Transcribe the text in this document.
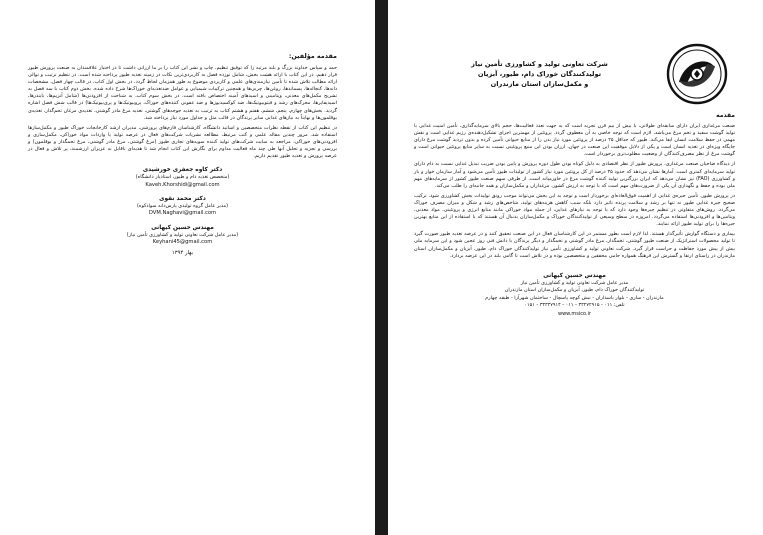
مقدمه مؤلفین:

حمد و سپاس خداوند بزرگ و بلند مرتبه را که توفیق تنظیم، چاپ و نشر این کتاب را بر ما ارزانی داشت تا در اختیار علاقمندان به صنعت پرورش طیور قرار دهیم. در این کتاب با ارائه هشت بخش، شامل نوزده فصل به کاربردی‌ترین نکات در زمینه تغذیه طیور پرداخته شده است. در تنظیم ترتیب و توالی ارائه مطالب تلاش شده تا تأمین نیازمندی‌های علمی و کاربردی موضوع به طور همزمان لحاظ گردد. در بخش اول کتاب، در قالب چهار فصل، مشخصات دانه‌ها، کنجاله‌ها، پسماندها، روغن‌ها، چربی‌ها و همچنین ترکیبات شیمیایی و عوامل ضدتغذیه‌ای خوراک‌ها شرح داده شده. بخش دوم کتاب با سه فصل به تشریح مکمل‌های معدنی، ویتامینی و اسیدهای آمینه اختصاص یافته است. در بخش سوم کتاب، به شناخت از افزودنی‌ها (شامل آنزیم‌ها، بایندرها، اسیدیفایرها، محرک‌های رشد و فیتوبیوتیک‌ها، ضد کوکسیدیوزها و ضد عفونی کننده‌های خوراک، پروبیوتیک‌ها و پری‌بیوتیک‌ها) در قالب شش فصل اشاره گردید. بخش‌های چهارم، پنجم، ششم، هفتم و هشتم کتاب به ترتیب به تغذیه جوجه‌های گوشتی، تغذیه مرغ مادر گوشتی، تغذیه‌ی مرغان تخم‌گذار، تغذیه‌ی بوقلمون‌ها و نهایتاً به نیازهای غذایی سایر پرندگان در قالب مثل و جداول مورد نیاز پرداخته شد.

در تنظیم این کتاب از نقطه نظرات متخصصین و اساتید دانشگاه، کارشناسان فارم‌های پرورشی، مدیران ارشد کارخانجات خوراک طیور و مکمل‌سازها استفاده شد. مرور چندین مقاله علمی و کتب مرتبط، مطالعه نشریات شرکت‌های فعال در عرصه تولید یا واردات مواد خوراکی، مکمل‌سازی و افزودنی‌های خوراکی، مراجعه به سایت شرکت‌های تولید کننده سویه‌های تجاری طیور (مرغ گوشتی، مرغ مادر گوشتی، مرغ تخمگذار و بوقلمون) و بررسی و تجزیه و تحلیل آنها طی چند ماه فعالیت مداوم برای نگارش این کتاب انجام شد تا هدیه‌ای ناقابل به عزیزان ارزشمند، پر تلاش و فعال در عرصه پرورش و تغذیه طیور تقدیم داریم.

دکتر کاوه جعفری خورشیدی
(متخصص تغذیه دام و طیور، استادیار دانشگاه)
Kaveh.Khorshidi@gmail.com
دکتر محمد نقوی
(مدیر عامل گروه تولیدی پارس‌دانه سوادکوه)
DVM.Naghavi@gmail.com
مهندس حسین کیهانی
(مدیر عامل شرکت تعاونی تولید و کشاورزی تأمین نیاز)
Keyhani45@gmail.com
بهار ۱۳۹۴
شرکت تعاونی تولید و کشاورزی تأمین نیاز
تولیدکنندگان خوراک دام، طیور، آبزیان
و مکمل‌سازان استان مازندران
مقدمه

صنعت مرغداری ایران دارای سابقه‌ای طولانی، با بیش از نیم قرن تجربه است که به جهت تعدد فعالیت‌ها، حجم بالای سرمایه‌گذاری، تأمین امنیت غذایی با تولید گوشت سفید و تخم مرغ می‌باشد، لازم است که توجه خاصی به آن معطوف گردد. پروتئین از مهمترین اجزای تشکیل‌دهنده‌ی رژیم غذایی است و نقش مهمی در حفظ سلامت انسان ایفا می‌کند. طیور که حداقل ۲۵ درصد از پروتئین مورد نیاز بدن را از منابع حیوانی تأمین کرده و بدون تردید گوشت مرغ دارای جایگاه ویژه‌ای در تغذیه انسان است و یکی از دلایل موفقیت این صنعت در جهان، ارزان بودن این منبع پروتئینی نسبت به سایر منابع پروتئین حیوانی است و گوشت مرغ از نظر مصرف‌کنندگان از وضعیت مطلوب‌تری برخوردار است.

از دیدگاه صاحبان صنعت مرغداری، پرورش طیور از نظر اقتصادی به دلیل کوتاه بودن طول دوره پرورش و پایین بودن ضریب تبدیل غذایی نسبت به دام دارای تولید سرمایه‌ای کمتری است. آمارها نشان می‌دهد که حدود ۳۵ درصد از کل پروتئین مورد نیاز کشور از تولیدات طیور تأمین می‌شود و آمار سازمان خوار و بار و کشاورزی (FAO) نیز نشان می‌دهد که ایران بزرگترین تولید کننده گوشت مرغ در خاورمیانه است. از طرفی سهم صنعت طیور کشور از سرمایه‌های مهم ملی بوده و حفظ و نگهداری آن یکی از ضرورت‌های مهم است که با توجه به ارزش کشور، مرغداران و مکمل‌سازان و همه جانبه‌ای را طلب می‌کند.

در پرورش طیور، تأمین جیره‌ی غذایی از اهمیت فوق‌العاده‌ای برخوردار است و توجه به این بخش می‌تواند موجب رونق تولیدات بخش کشاورزی شود. ترکیب صحیح جیره غذایی طیور نه تنها بر رشد و سلامت پرنده تاثیر دارد بلکه سبب کاهش هزینه‌های تولید، شاخص‌های رشد و شکل و میزان مصرف خوراک می‌گردد. روش‌های متفاوتی در تنظیم جیره‌ها وجود دارد که با توجه به نیازهای غذایی، از جمله مواد خوراکی مانند منابع انرژی و پروتئینی، مواد معدنی، ویتامین‌ها و افزودنی‌ها استفاده می‌گردد. امروزه در سطح وسیعی از تولیدکنندگان خوراک و مکمل‌سازان بدنبال آن هستند که با استفاده از این منابع بهترین جیره‌ها را برای تولید طیور ارائه نمایند.

بیماری و دستگاه گوارش تأثیرگذار هستند. لذا لازم است بطور مستمر در این کارشناسان فعال در این صنعت تحقیق کنند و در عرصه تغذیه طیور صورت گیرد تا تولید محصولات استراتژیک از صنعت طیور گوشتی، تخمگذار، مرغ مادر گوشتی و تخمگذار و دیگر پرندگان با دانش فنی روز عجین شود و این سرمایه ملی بیش از پیش مورد حفاظت و حراست قرار گیرد. شرکت تعاونی تولید و کشاورزی تأمین نیاز تولیدکنندگان خوراک دام، طیور، آبزیان و مکمل‌سازان استان مازندران در راستای ارتقا و گسترش این فرهنگ همواره حامی محققین و متخصصین بوده و در تلاش است تا گامی بلند در این عرصه بردارد.

مهندس حسین کیهانی
مدیر عامل شرکت تعاونی تولید و کشاورزی تأمین نیاز
تولیدکنندگان خوراک دام، طیور، آبزیان و مکمل‌سازان استان مازندران
مازندران - ساری - بلوار پاسداران - نبش کوچه پاسچال - ساختمان شهرآرا - طبقه چهارم
تلفن: ۰۱۱ - ۳۳۲۷۲۹۱۵ - ۰۱۱ - ۳۳۳۴۷۹۱۴ - ۰۱۵۱
www.msico.ir
